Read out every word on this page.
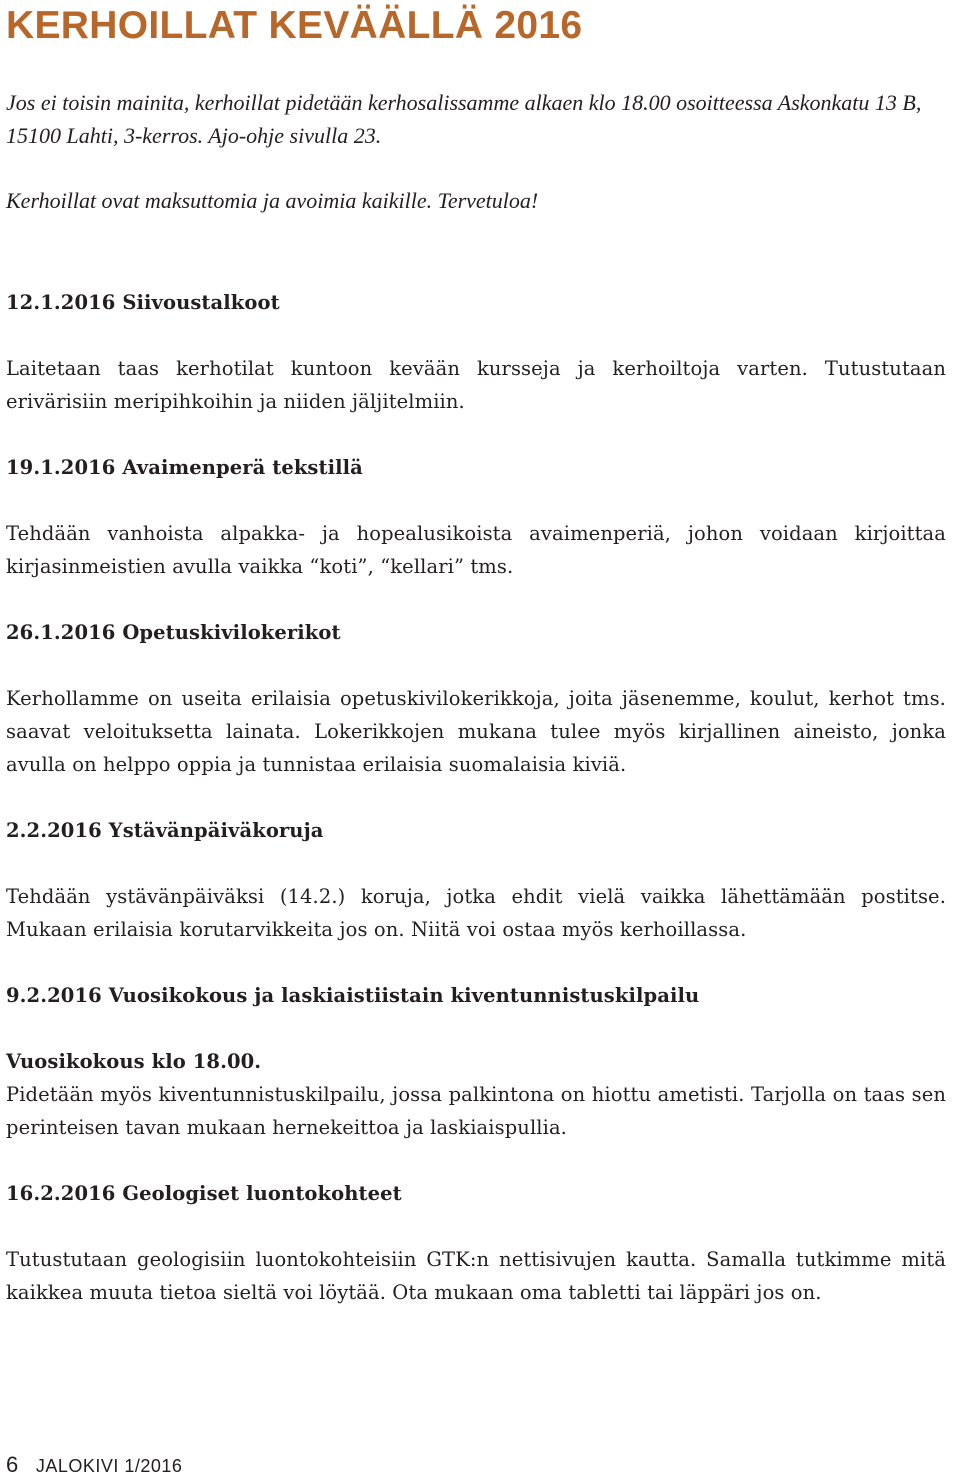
KERHOILLAT KEVÄÄLLÄ 2016

Jos ei toisin mainita, kerhoillat pidetään kerhosalissamme alkaen klo 18.00 osoitteessa Askonkatu 13 B, 15100 Lahti, 3-kerros. Ajo-ohje sivulla 23.

Kerhoillat ovat maksuttomia ja avoimia kaikille. Tervetuloa!

12.1.2016 Siivoustalkoot
Laitetaan taas kerhotilat kuntoon kevään kursseja ja kerhoiltoja varten. Tutustutaan erivärisiin meripihkoihin ja niiden jäljitelmiin.
19.1.2016 Avaimenperä tekstillä
Tehdään vanhoista alpakka- ja hopealusikoista avaimenperiä, johon voidaan kirjoittaa kirjasinmeistien avulla vaikka “koti”, “kellari” tms.
26.1.2016 Opetuskivilokerikot
Kerhollamme on useita erilaisia opetuskivilokerikkoja, joita jäsenemme, koulut, kerhot tms. saavat veloituksetta lainata. Lokerikkojen mukana tulee myös kirjallinen aineisto, jonka avulla on helppo oppia ja tunnistaa erilaisia suomalaisia kiviä.
2.2.2016 Ystävänpäiväkoruja
Tehdään ystävänpäiväksi (14.2.) koruja, jotka ehdit vielä vaikka lähettämään postitse. Mukaan erilaisia korutarvikkeita jos on. Niitä voi ostaa myös kerhoillassa.
9.2.2016 Vuosikokous ja laskiaistiistain kiventunnistuskilpailu
Vuosikokous klo 18.00.
Pidetään myös kiventunnistuskilpailu, jossa palkintona on hiottu ametisti. Tarjolla on taas sen perinteisen tavan mukaan hernekeittoa ja laskiaispullia.
16.2.2016 Geologiset luontokohteet
Tutustutaan geologisiin luontokohteisiin GTK:n nettisivujen kautta. Samalla tutkimme mitä kaikkea muuta tietoa sieltä voi löytää. Ota mukaan oma tabletti tai läppäri jos on.
6 JALOKIVI 1/2016
